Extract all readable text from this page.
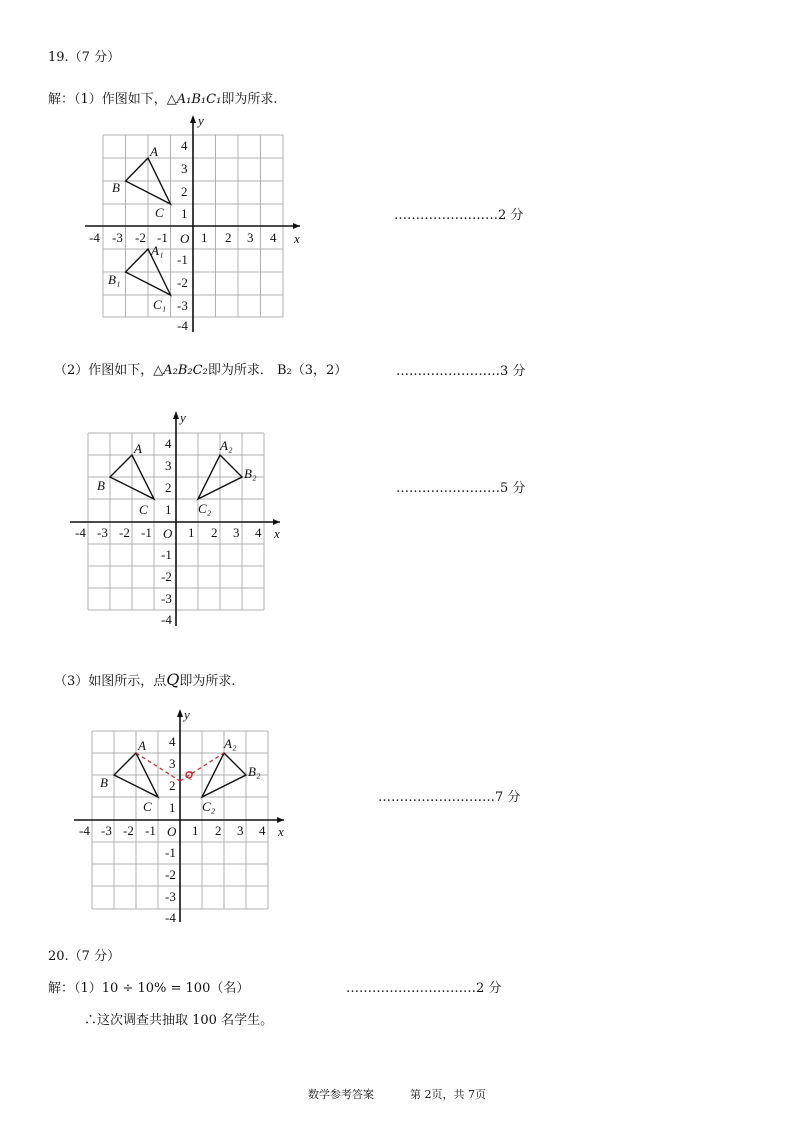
19.（7 分）
解：（1）作图如下，△A₁B₁C₁即为所求.
x
y
O
-4 -3 -2 -1	1 2 3 4
4
3
2
1
-1
-2
-3
-4
A
B
C
A₁
B₁
C₁
……………………2 分
（2）作图如下，△A₂B₂C₂即为所求． B₂（3，2）	……………………3 分
x
y
O
-4 -3 -2 -1	1 2 3 4
4
3
2
1
-1
-2
-3
-4
A
B
C
A₂
B₂
C₂
……………………5 分
（3）如图所示，点Q即为所求.
x
y
O
-4 -3 -2 -1	1 2 3 4
4
3
2
1
-1
-2
-3
-4
A
B
C
A₂
B₂
C₂
Q
………………………7 分
20.（7 分）
解：（1）10 ÷ 10% = 100（名）	…………………………2 分
∴这次调查共抽取 100 名学生。
数学参考答案	第 2页，共 7页
